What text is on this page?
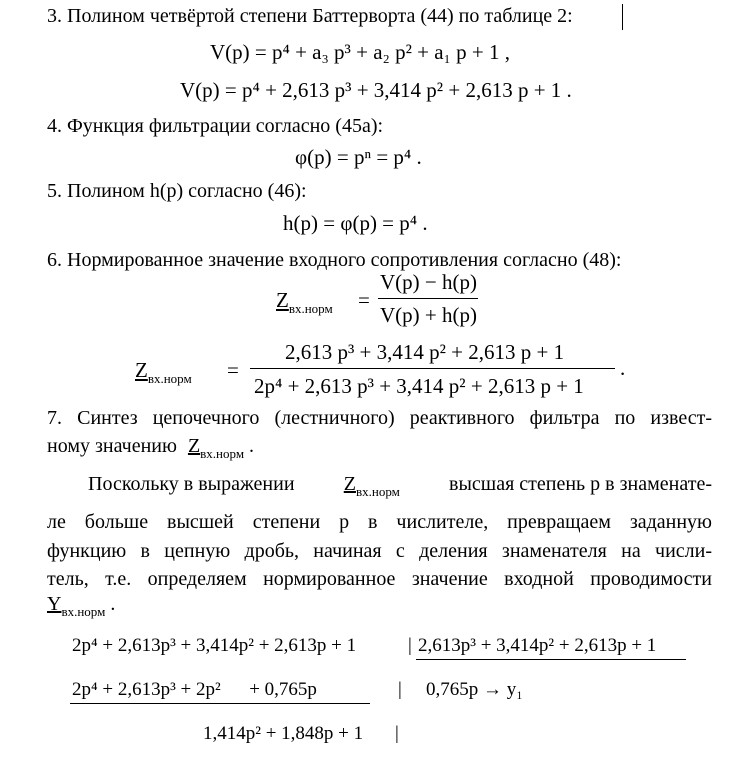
3. Полином четвёртой степени Баттерворта (44) по таблице 2:
V(p) = p⁴ + a₃ p³ + a₂ p² + a₁ p + 1 ,
V(p) = p⁴ + 2,613 p³ + 3,414 p² + 2,613 p + 1 .
4. Функция фильтрации согласно (45а):
φ(p) = pⁿ = p⁴ .
5. Полином h(p) согласно (46):
h(p) = φ(p) = p⁴ .
6. Нормированное значение входного сопротивления согласно (48):
$Z_{вх.норм}$ =
V(p) − h(p)
V(p) + h(p)
$Z_{вх.норм}$ =
2,613 p³ + 3,414 p² + 2,613 p + 1
2p⁴ + 2,613 p³ + 3,414 p² + 2,613 p + 1
.
7. Синтез цепочечного (лестничного) реактивного фильтра по извест-
ному значению $Z_{вх.норм}$ .
Поскольку в выражении $Z_{вх.норм}$ высшая степень p в знаменате-
ле больше высшей степени p в числителе, превращаем заданную
функцию в цепную дробь, начиная с деления знаменателя на числи-
тель, т.е. определяем нормированное значение входной проводимости
$Y_{вх.норм}$ .
2p⁴ + 2,613p³ + 3,414p² + 2,613p + 1	| 2,613p³ + 3,414p² + 2,613p + 1
2p⁴ + 2,613p³ + 2p²      + 0,765p	| 0,765p → y₁
1,414p² + 1,848p + 1 |
